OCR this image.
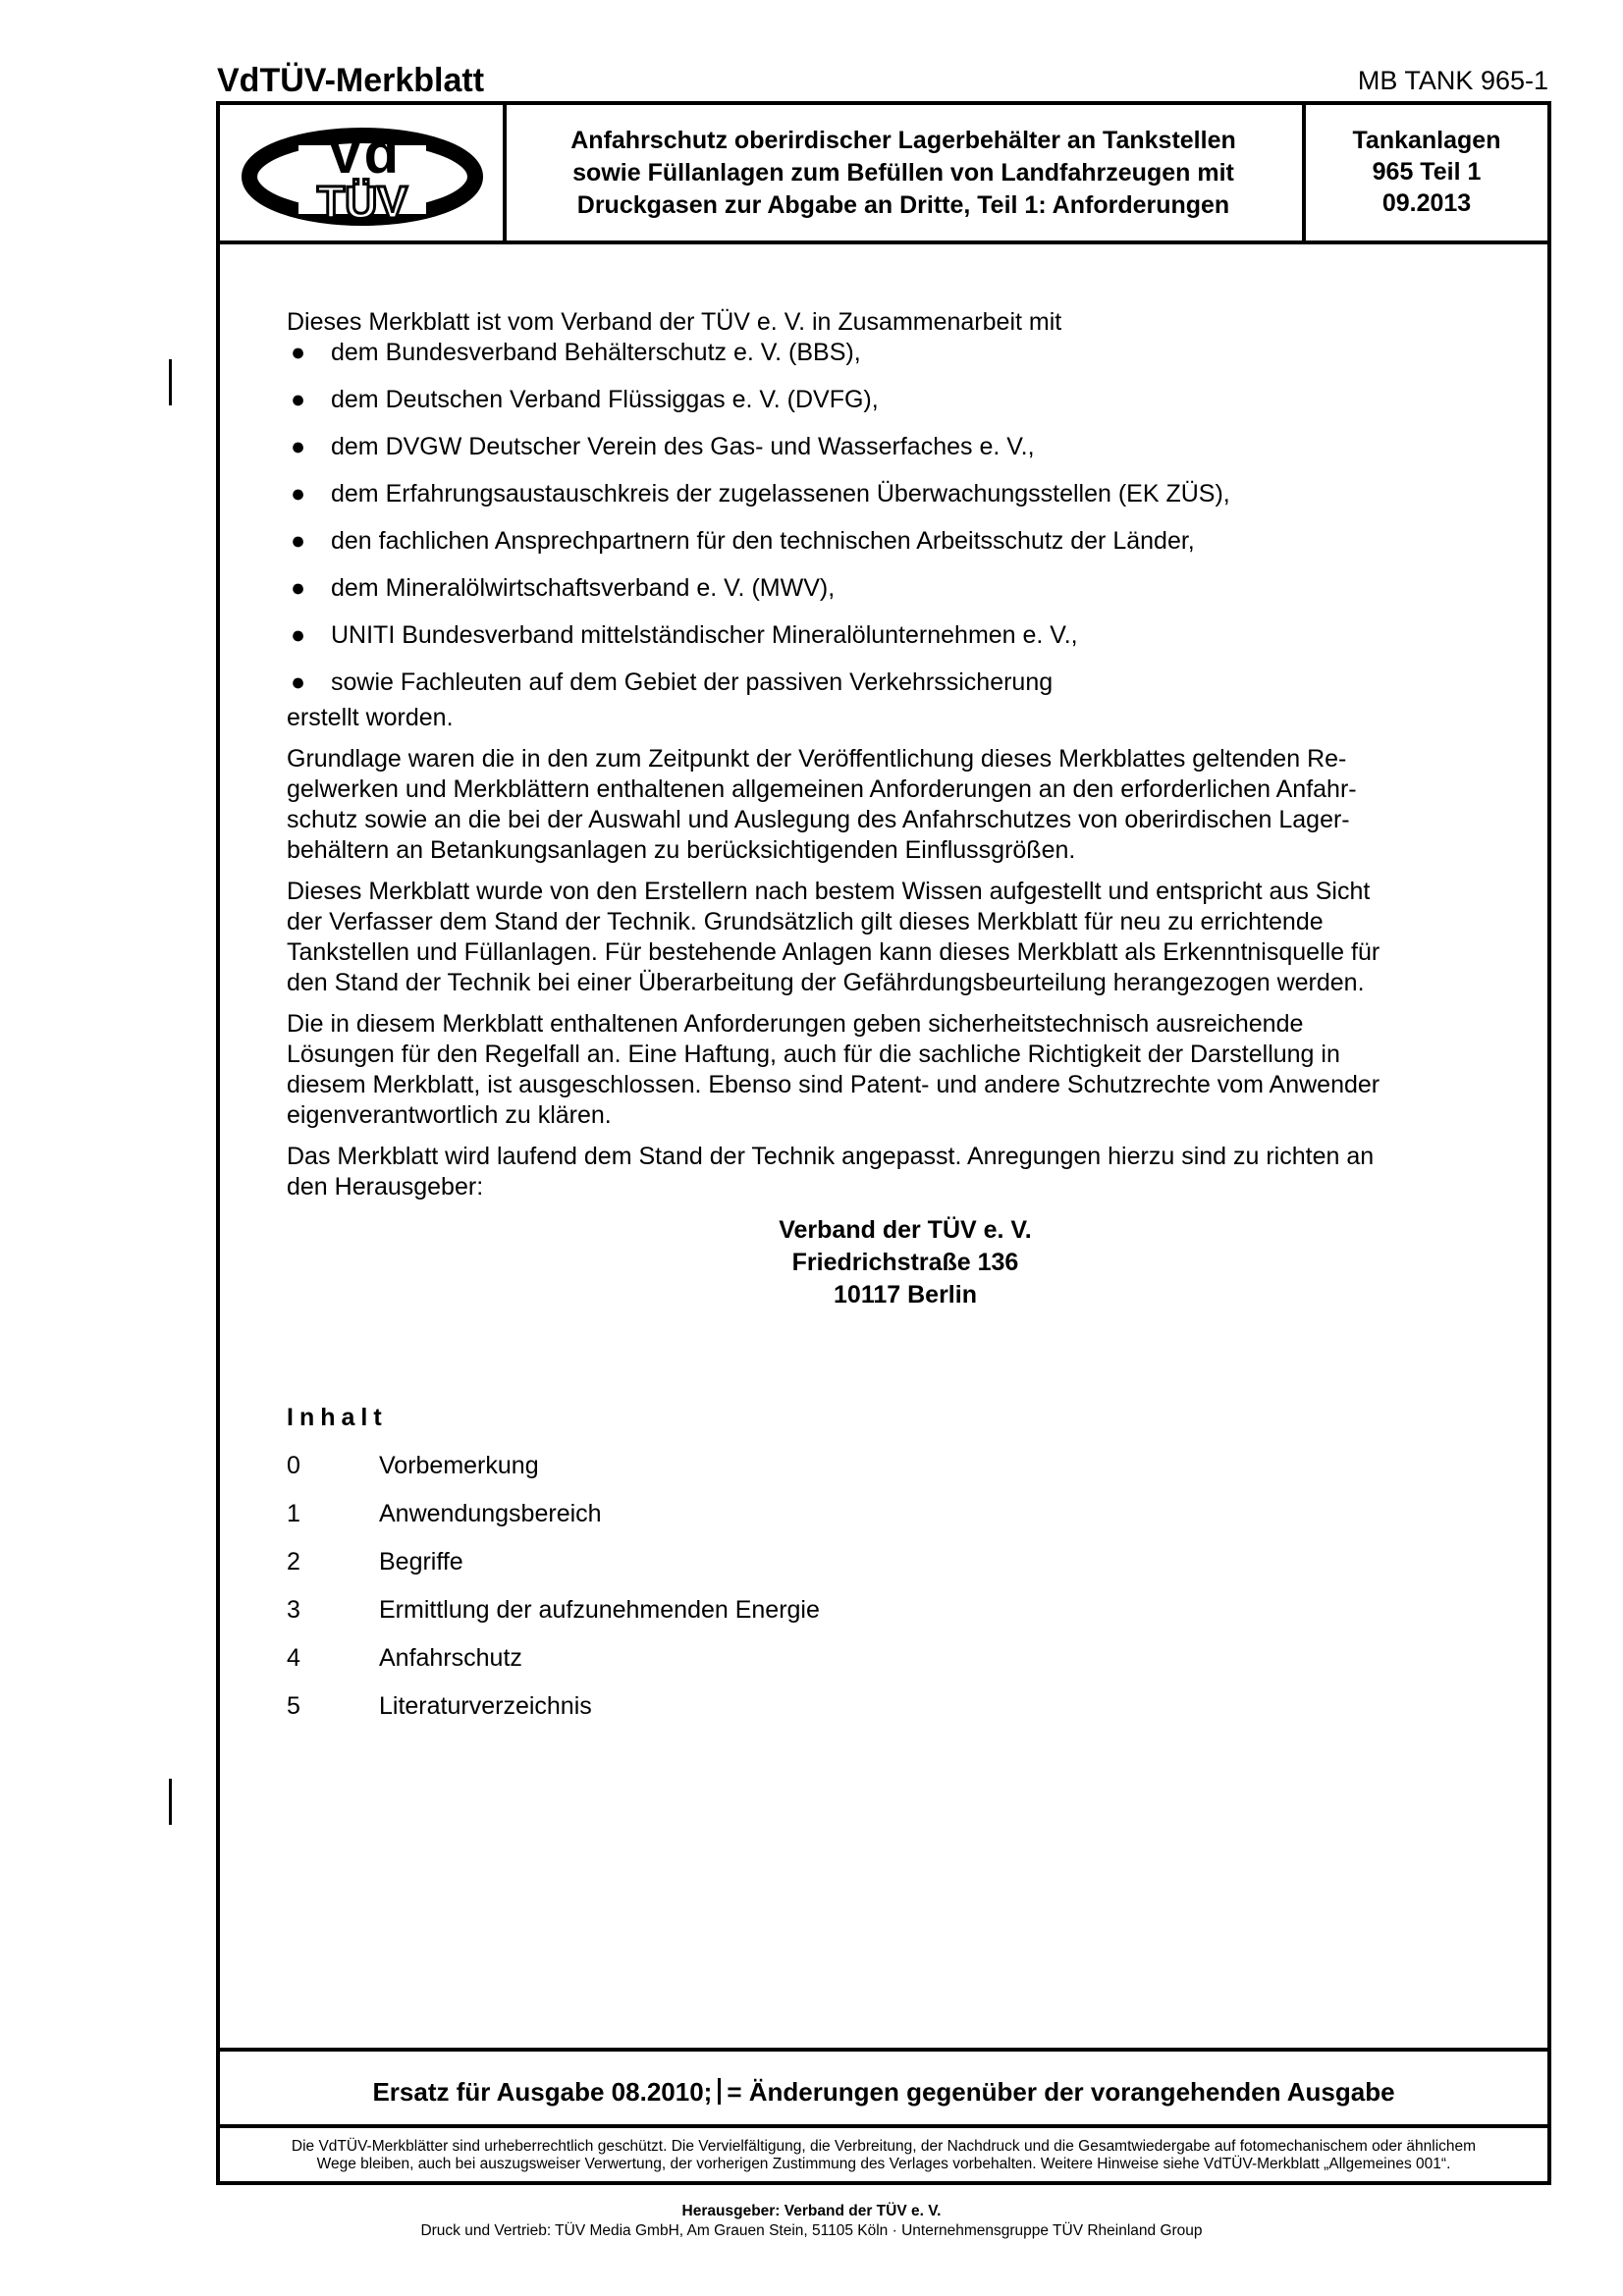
VdTÜV-Merkblatt	MB TANK 965-1
Vd
TÜV
Anfahrschutz oberirdischer Lagerbehälter an Tankstellen
sowie Füllanlagen zum Befüllen von Landfahrzeugen mit
Druckgasen zur Abgabe an Dritte, Teil 1: Anforderungen
Tankanlagen
965 Teil 1
09.2013

Dieses Merkblatt ist vom Verband der TÜV e. V. in Zusammenarbeit mit

● dem Bundesverband Behälterschutz e. V. (BBS),
● dem Deutschen Verband Flüssiggas e. V. (DVFG),
● dem DVGW Deutscher Verein des Gas- und Wasserfaches e. V.,
● dem Erfahrungsaustauschkreis der zugelassenen Überwachungsstellen (EK ZÜS),
● den fachlichen Ansprechpartnern für den technischen Arbeitsschutz der Länder,
● dem Mineralölwirtschaftsverband e. V. (MWV),
● UNITI Bundesverband mittelständischer Mineralölunternehmen e. V.,
● sowie Fachleuten auf dem Gebiet der passiven Verkehrssicherung

erstellt worden.

Grundlage waren die in den zum Zeitpunkt der Veröffentlichung dieses Merkblattes geltenden Re-
gelwerken und Merkblättern enthaltenen allgemeinen Anforderungen an den erforderlichen Anfahr-
schutz sowie an die bei der Auswahl und Auslegung des Anfahrschutzes von oberirdischen Lager-
behältern an Betankungsanlagen zu berücksichtigenden Einflussgrößen.

Dieses Merkblatt wurde von den Erstellern nach bestem Wissen aufgestellt und entspricht aus Sicht
der Verfasser dem Stand der Technik. Grundsätzlich gilt dieses Merkblatt für neu zu errichtende
Tankstellen und Füllanlagen. Für bestehende Anlagen kann dieses Merkblatt als Erkenntnisquelle für
den Stand der Technik bei einer Überarbeitung der Gefährdungsbeurteilung herangezogen werden.

Die in diesem Merkblatt enthaltenen Anforderungen geben sicherheitstechnisch ausreichende
Lösungen für den Regelfall an. Eine Haftung, auch für die sachliche Richtigkeit der Darstellung in
diesem Merkblatt, ist ausgeschlossen. Ebenso sind Patent- und andere Schutzrechte vom Anwender
eigenverantwortlich zu klären.

Das Merkblatt wird laufend dem Stand der Technik angepasst. Anregungen hierzu sind zu richten an
den Herausgeber:

Verband der TÜV e. V.
Friedrichstraße 136
10117 Berlin
Inhalt
0	Vorbemerkung
1	Anwendungsbereich
2	Begriffe
3	Ermittlung der aufzunehmenden Energie
4	Anfahrschutz
5	Literaturverzeichnis
Ersatz für Ausgabe 08.2010; = Änderungen gegenüber der vorangehenden Ausgabe
Die VdTÜV-Merkblätter sind urheberrechtlich geschützt. Die Vervielfältigung, die Verbreitung, der Nachdruck und die Gesamtwiedergabe auf fotomechanischem oder ähnlichem
Wege bleiben, auch bei auszugsweiser Verwertung, der vorherigen Zustimmung des Verlages vorbehalten. Weitere Hinweise siehe VdTÜV-Merkblatt „Allgemeines 001“.
Herausgeber: Verband der TÜV e. V.
Druck und Vertrieb: TÜV Media GmbH, Am Grauen Stein, 51105 Köln · Unternehmensgruppe TÜV Rheinland Group
